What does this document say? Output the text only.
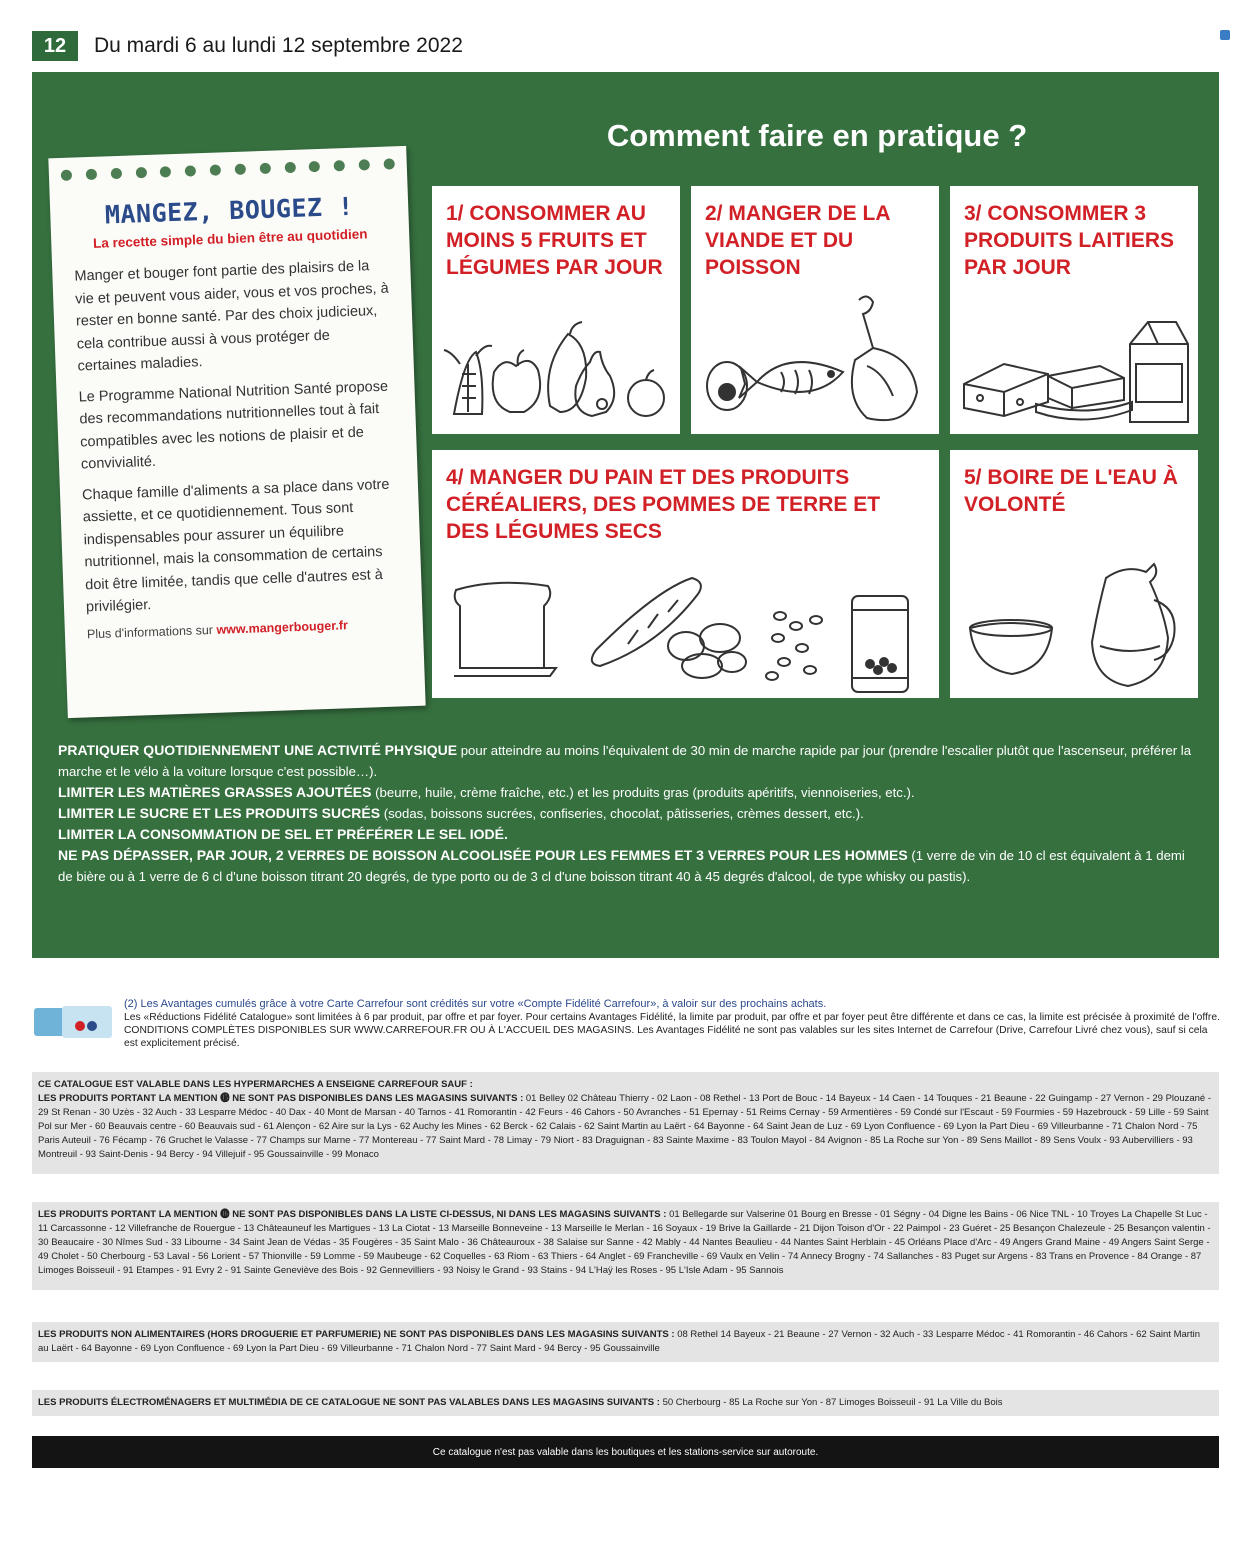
12	Du mardi 6 au lundi 12 septembre 2022
MANGEZ, BOUGEZ !
La recette simple du bien être au quotidien

Manger et bouger font partie des plaisirs de la vie et peuvent vous aider, vous et vos proches, à rester en bonne santé. Par des choix judicieux, cela contribue aussi à vous protéger de certaines maladies.

Le Programme National Nutrition Santé propose des recommandations nutritionnelles tout à fait compatibles avec les notions de plaisir et de convivialité.

Chaque famille d'aliments a sa place dans votre assiette, et ce quotidiennement. Tous sont indispensables pour assurer un équilibre nutritionnel, mais la consommation de certains doit être limitée, tandis que celle d'autres est à privilégier.

Plus d'informations sur www.mangerbouger.fr
Comment faire en pratique ?
1/ CONSOMMER AU MOINS 5 FRUITS ET LÉGUMES PAR JOUR
2/ MANGER DE LA VIANDE ET DU POISSON
3/ CONSOMMER 3 PRODUITS LAITIERS PAR JOUR
4/ MANGER DU PAIN ET DES PRODUITS CÉRÉALIERS, DES POMMES DE TERRE ET DES LÉGUMES SECS
5/ BOIRE DE L'EAU À VOLONTÉ
PRATIQUER QUOTIDIENNEMENT UNE ACTIVITÉ PHYSIQUE pour atteindre au moins l'équivalent de 30 min de marche rapide par jour (prendre l'escalier plutôt que l'ascenseur, préférer la marche et le vélo à la voiture lorsque c'est possible…).
LIMITER LES MATIÈRES GRASSES AJOUTÉES (beurre, huile, crème fraîche, etc.) et les produits gras (produits apéritifs, viennoiseries, etc.).
LIMITER LE SUCRE ET LES PRODUITS SUCRÉS (sodas, boissons sucrées, confiseries, chocolat, pâtisseries, crèmes dessert, etc.).
LIMITER LA CONSOMMATION DE SEL ET PRÉFÉRER LE SEL IODÉ.
NE PAS DÉPASSER, PAR JOUR, 2 VERRES DE BOISSON ALCOOLISÉE POUR LES FEMMES ET 3 VERRES POUR LES HOMMES (1 verre de vin de 10 cl est équivalent à 1 demi de bière ou à 1 verre de 6 cl d'une boisson titrant 20 degrés, de type porto ou de 3 cl d'une boisson titrant 40 à 45 degrés d'alcool, de type whisky ou pastis).
(2) Les Avantages cumulés grâce à votre Carte Carrefour sont crédités sur votre «Compte Fidélité Carrefour», à valoir sur des prochains achats.
Les «Réductions Fidélité Catalogue» sont limitées à 6 par produit, par offre et par foyer. Pour certains Avantages Fidélité, la limite par produit, par offre et par foyer peut être différente et dans ce cas, la limite est précisée à proximité de l'offre.
CONDITIONS COMPLÈTES DISPONIBLES SUR WWW.CARREFOUR.FR OU À L'ACCUEIL DES MAGASINS. Les Avantages Fidélité ne sont pas valables sur les sites Internet de Carrefour (Drive, Carrefour Livré chez vous), sauf si cela est explicitement précisé.
CE CATALOGUE EST VALABLE DANS LES HYPERMARCHES A ENSEIGNE CARREFOUR SAUF :
LES PRODUITS PORTANT LA MENTION ⓯ NE SONT PAS DISPONIBLES DANS LES MAGASINS SUIVANTS : 01 Belley 02 Château Thierry - 02 Laon - 08 Rethel - 13 Port de Bouc - 14 Bayeux - 14 Caen - 14 Touques - 21 Beaune - 22 Guingamp - 27 Vernon - 29 Plouzané - 29 St Renan - 30 Uzès - 32 Auch - 33 Lesparre Médoc - 40 Dax - 40 Mont de Marsan - 40 Tarnos - 41 Romorantin - 42 Feurs - 46 Cahors - 50 Avranches - 51 Epernay - 51 Reims Cernay - 59 Armentières - 59 Condé sur l'Escaut - 59 Fourmies - 59 Hazebrouck - 59 Lille - 59 Saint Pol sur Mer - 60 Beauvais centre - 60 Beauvais sud - 61 Alençon - 62 Aire sur la Lys - 62 Auchy les Mines - 62 Berck - 62 Calais - 62 Saint Martin au Laërt - 64 Bayonne - 64 Saint Jean de Luz - 69 Lyon Confluence - 69 Lyon la Part Dieu - 69 Villeurbanne - 71 Chalon Nord - 75 Paris Auteuil - 76 Fécamp - 76 Gruchet le Valasse - 77 Champs sur Marne - 77 Montereau - 77 Saint Mard - 78 Limay - 79 Niort - 83 Draguignan - 83 Sainte Maxime - 83 Toulon Mayol - 84 Avignon - 85 La Roche sur Yon - 89 Sens Maillot - 89 Sens Voulx - 93 Aubervilliers - 93 Montreuil - 93 Saint-Denis - 94 Bercy - 94 Villejuif - 95 Goussainville - 99 Monaco
LES PRODUITS PORTANT LA MENTION ⓰ NE SONT PAS DISPONIBLES DANS LA LISTE CI-DESSUS, NI DANS LES MAGASINS SUIVANTS : 01 Bellegarde sur Valserine 01 Bourg en Bresse - 01 Ségny - 04 Digne les Bains - 06 Nice TNL - 10 Troyes La Chapelle St Luc - 11 Carcassonne - 12 Villefranche de Rouergue - 13 Châteauneuf les Martigues - 13 La Ciotat - 13 Marseille Bonneveine - 13 Marseille le Merlan - 16 Soyaux - 19 Brive la Gaillarde - 21 Dijon Toison d'Or - 22 Paimpol - 23 Guéret - 25 Besançon Chalezeule - 25 Besançon valentin - 30 Beaucaire - 30 Nîmes Sud - 33 Libourne - 34 Saint Jean de Védas - 35 Fougères - 35 Saint Malo - 36 Châteauroux - 38 Salaise sur Sanne - 42 Mably - 44 Nantes Beaulieu - 44 Nantes Saint Herblain - 45 Orléans Place d'Arc - 49 Angers Grand Maine - 49 Angers Saint Serge - 49 Cholet - 50 Cherbourg - 53 Laval - 56 Lorient - 57 Thionville - 59 Lomme - 59 Maubeuge - 62 Coquelles - 63 Riom - 63 Thiers - 64 Anglet - 69 Francheville - 69 Vaulx en Velin - 74 Annecy Brogny - 74 Sallanches - 83 Puget sur Argens - 83 Trans en Provence - 84 Orange - 87 Limoges Boisseuil - 91 Etampes - 91 Evry 2 - 91 Sainte Geneviève des Bois - 92 Gennevilliers - 93 Noisy le Grand - 93 Stains - 94 L'Haÿ les Roses - 95 L'Isle Adam - 95 Sannois
LES PRODUITS NON ALIMENTAIRES (HORS DROGUERIE ET PARFUMERIE) NE SONT PAS DISPONIBLES DANS LES MAGASINS SUIVANTS : 08 Rethel 14 Bayeux - 21 Beaune - 27 Vernon - 32 Auch - 33 Lesparre Médoc - 41 Romorantin - 46 Cahors - 62 Saint Martin au Laërt - 64 Bayonne - 69 Lyon Confluence - 69 Lyon la Part Dieu - 69 Villeurbanne - 71 Chalon Nord - 77 Saint Mard - 94 Bercy - 95 Goussainville
LES PRODUITS ÉLECTROMÉNAGERS ET MULTIMÉDIA DE CE CATALOGUE NE SONT PAS VALABLES DANS LES MAGASINS SUIVANTS : 50 Cherbourg - 85 La Roche sur Yon - 87 Limoges Boisseuil - 91 La Ville du Bois
Ce catalogue n'est pas valable dans les boutiques et les stations-service sur autoroute.
